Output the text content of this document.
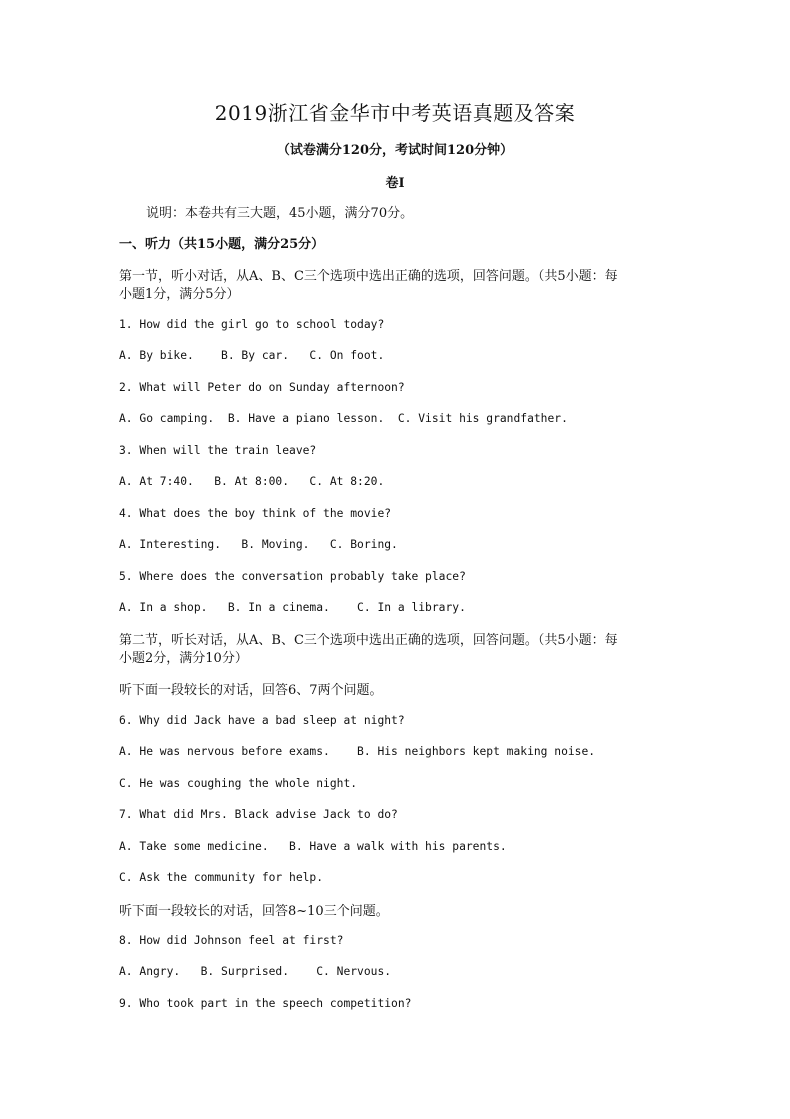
2019浙江省金华市中考英语真题及答案
（试卷满分120分，考试时间120分钟）
卷I
说明：本卷共有三大题，45小题，满分70分。
一、听力（共15小题，满分25分）
第一节，听小对话，从A、B、C三个选项中选出正确的选项，回答问题。（共5小题：每
小题1分，满分5分）
1. How did the girl go to school today?
A. By bike.    B. By car.   C. On foot.
2. What will Peter do on Sunday afternoon?
A. Go camping.  B. Have a piano lesson.  C. Visit his grandfather.
3. When will the train leave?
A. At 7:40.   B. At 8:00.   C. At 8:20.
4. What does the boy think of the movie?
A. Interesting.   B. Moving.   C. Boring.
5. Where does the conversation probably take place?
A. In a shop.   B. In a cinema.    C. In a library.
第二节，听长对话，从A、B、C三个选项中选出正确的选项，回答问题。（共5小题：每
小题2分，满分10分）
听下面一段较长的对话，回答6、7两个问题。
6. Why did Jack have a bad sleep at night?
A. He was nervous before exams.    B. His neighbors kept making noise.
C. He was coughing the whole night.
7. What did Mrs. Black advise Jack to do?
A. Take some medicine.   B. Have a walk with his parents.
C. Ask the community for help.
听下面一段较长的对话，回答8~10三个问题。
8. How did Johnson feel at first?
A. Angry.   B. Surprised.    C. Nervous.
9. Who took part in the speech competition?
